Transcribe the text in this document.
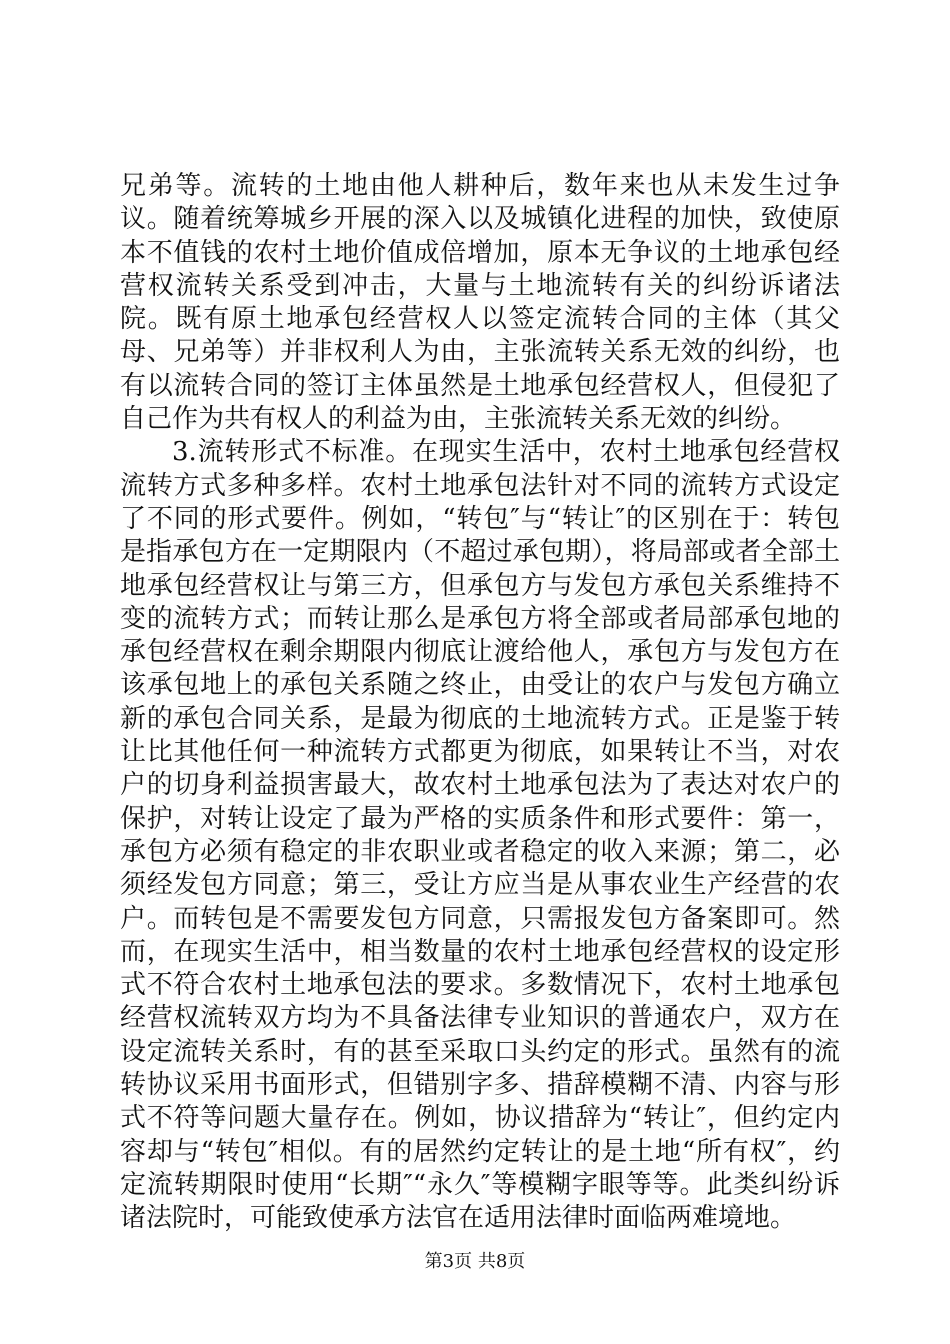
兄弟等。流转的土地由他人耕种后，数年来也从未发生过争议。随着统筹城乡开展的深入以及城镇化进程的加快，致使原本不值钱的农村土地价值成倍增加，原本无争议的土地承包经营权流转关系受到冲击，大量与土地流转有关的纠纷诉诸法院。既有原土地承包经营权人以签定流转合同的主体（其父母、兄弟等）并非权利人为由，主张流转关系无效的纠纷，也有以流转合同的签订主体虽然是土地承包经营权人，但侵犯了自己作为共有权人的利益为由，主张流转关系无效的纠纷。

3.流转形式不标准。在现实生活中，农村土地承包经营权流转方式多种多样。农村土地承包法针对不同的流转方式设定了不同的形式要件。例如，“转包″与“转让″的区别在于：转包是指承包方在一定期限内（不超过承包期），将局部或者全部土地承包经营权让与第三方，但承包方与发包方承包关系维持不变的流转方式；而转让那么是承包方将全部或者局部承包地的承包经营权在剩余期限内彻底让渡给他人，承包方与发包方在该承包地上的承包关系随之终止，由受让的农户与发包方确立新的承包合同关系，是最为彻底的土地流转方式。正是鉴于转让比其他任何一种流转方式都更为彻底，如果转让不当，对农户的切身利益损害最大，故农村土地承包法为了表达对农户的保护，对转让设定了最为严格的实质条件和形式要件：第一，承包方必须有稳定的非农职业或者稳定的收入来源；第二，必须经发包方同意；第三，受让方应当是从事农业生产经营的农户。而转包是不需要发包方同意，只需报发包方备案即可。然而，在现实生活中，相当数量的农村土地承包经营权的设定形式不符合农村土地承包法的要求。多数情况下，农村土地承包经营权流转双方均为不具备法律专业知识的普通农户，双方在设定流转关系时，有的甚至采取口头约定的形式。虽然有的流转协议采用书面形式，但错别字多、措辞模糊不清、内容与形式不符等问题大量存在。例如，协议措辞为“转让″，但约定内容却与“转包″相似。有的居然约定转让的是土地“所有权″，约定流转期限时使用“长期″“永久″等模糊字眼等等。此类纠纷诉诸法院时，可能致使承方法官在适用法律时面临两难境地。

第3页 共8页
